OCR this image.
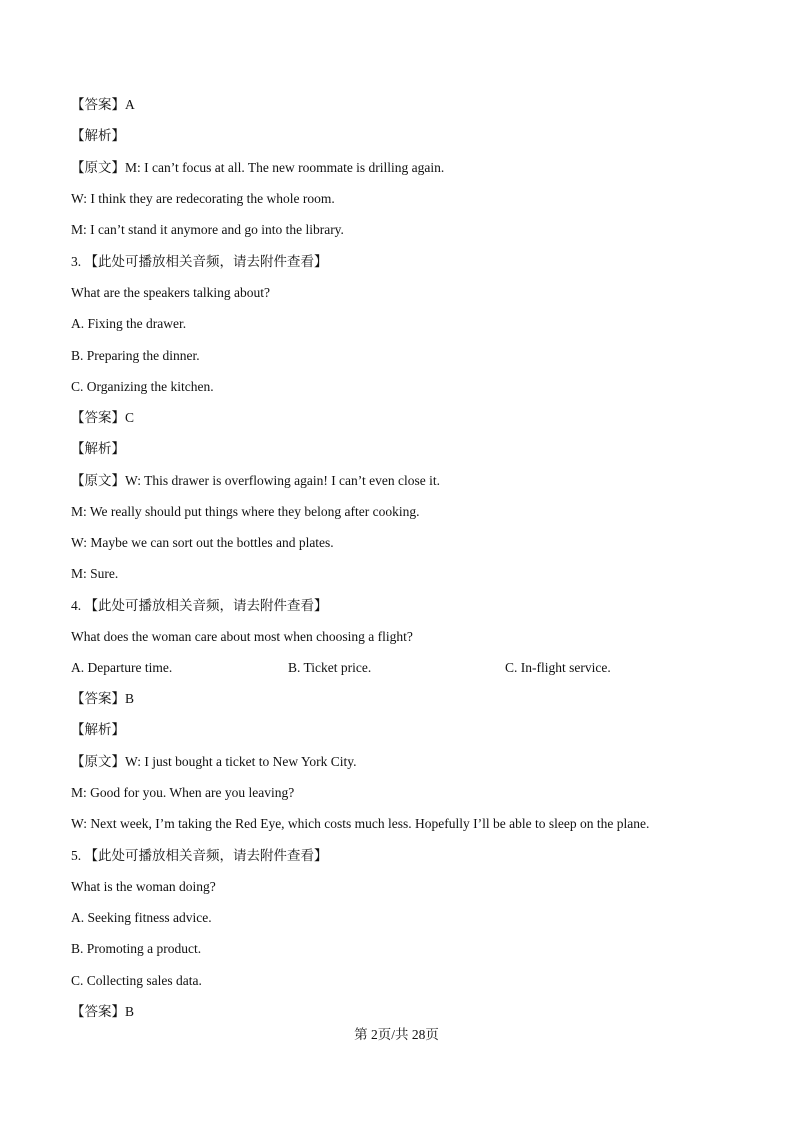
【答案】A
【解析】
【原文】M: I can’t focus at all. The new roommate is drilling again.
W: I think they are redecorating the whole room.
M: I can’t stand it anymore and go into the library.
3. 【此处可播放相关音频，请去附件查看】
What are the speakers talking about?
A. Fixing the drawer.
B. Preparing the dinner.
C. Organizing the kitchen.
【答案】C
【解析】
【原文】W: This drawer is overflowing again! I can’t even close it.
M: We really should put things where they belong after cooking.
W: Maybe we can sort out the bottles and plates.
M: Sure.
4. 【此处可播放相关音频，请去附件查看】
What does the woman care about most when choosing a flight?
A. Departure time.	B. Ticket price.	C. In-flight service.
【答案】B
【解析】
【原文】W: I just bought a ticket to New York City.
M: Good for you. When are you leaving?
W: Next week, I’m taking the Red Eye, which costs much less. Hopefully I’ll be able to sleep on the plane.
5. 【此处可播放相关音频，请去附件查看】
What is the woman doing?
A. Seeking fitness advice.
B. Promoting a product.
C. Collecting sales data.
【答案】B
第 2页/共 28页
